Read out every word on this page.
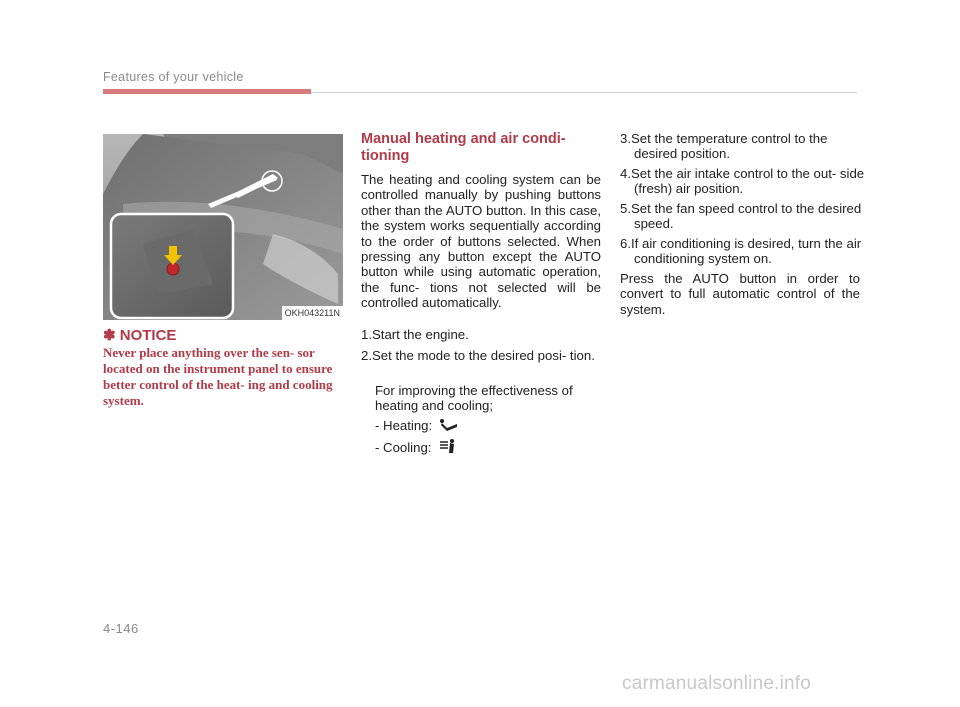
Features of your vehicle
OKH043211N
✽ NOTICE
Never place anything over the sen- sor located on the instrument panel to ensure better control of the heat- ing and cooling system.
Manual heating and air condi-
tioning
The heating and cooling system can be controlled manually by pushing buttons other than the AUTO button. In this case, the system works sequentially according to the order of buttons selected. When pressing any button except the AUTO button while using automatic operation, the func- tions not selected will be controlled automatically.
1.Start the engine.
2.Set the mode to the desired posi- tion.
For improving the effectiveness of heating and cooling;
- Heating:
- Cooling:
3.Set the temperature control to the desired position.
4.Set the air intake control to the out- side (fresh) air position.
5.Set the fan speed control to the desired speed.
6.If air conditioning is desired, turn the air conditioning system on.
Press the AUTO button in order to convert to full automatic control of the system.
4-146
carmanualsonline.info
